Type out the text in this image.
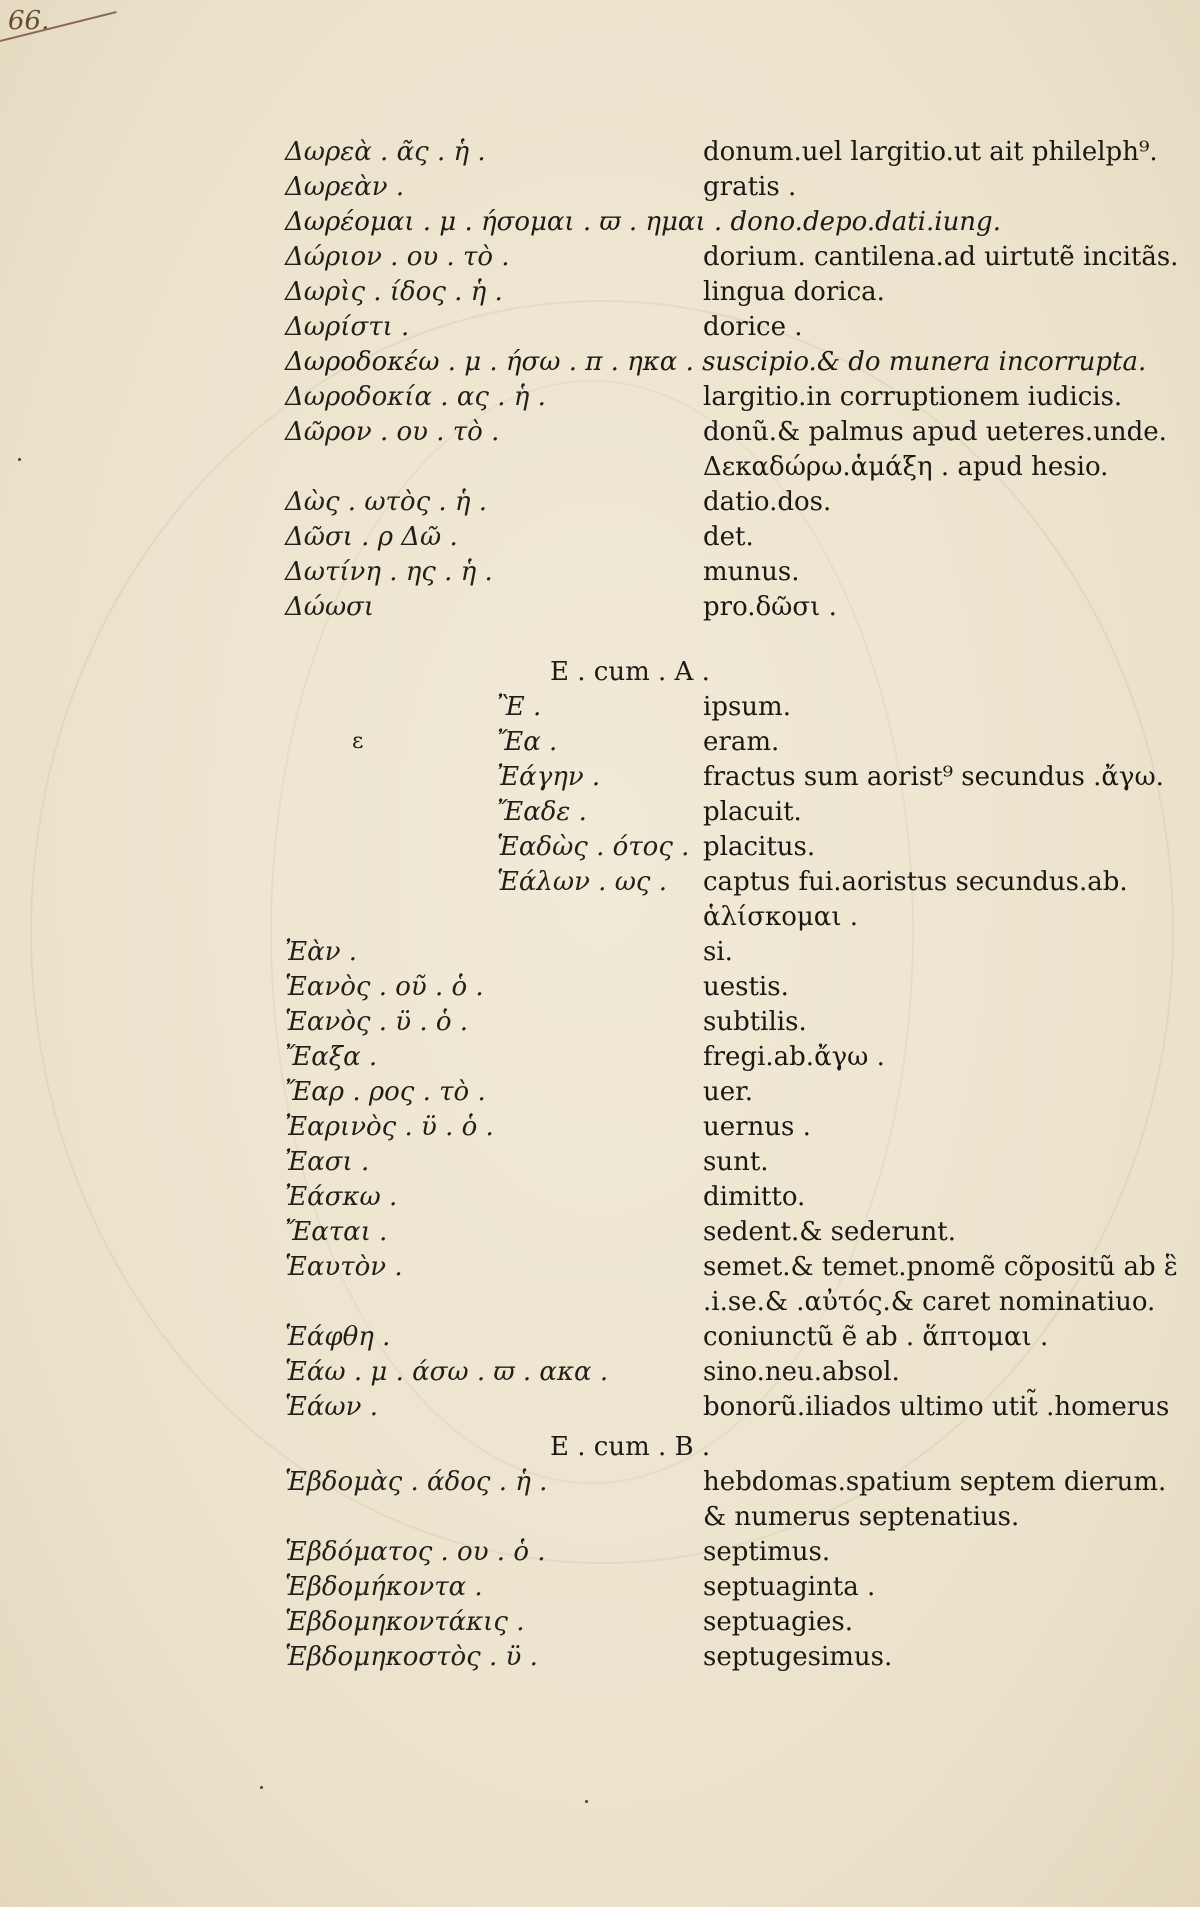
66.
Δωρεὰ . ᾶς . ἡ .	donum.uel largitio.ut ait philelph⁹.
Δωρεὰν .	gratis .
Δωρέομαι . μ . ήσομαι . ϖ . ημαι . dono.depo.dati.iung.
Δώριον . ου . τὸ .	dorium. cantilena.ad uirtutẽ incitãs.
Δωρὶς . ίδος . ἡ .	lingua dorica.
Δωρίστι .	dorice .
Δωροδοκέω . μ . ήσω . π . ηκα . suscipio.& do munera incorrupta.
Δωροδοκία . ας . ἡ .	largitio.in corruptionem iudicis.
Δῶρον . ου . τὸ .	donũ.& palmus apud ueteres.unde.
Δεκαδώρω.ἁμάξη . apud hesio.
Δὼς . ωτὸς . ἡ .	datio.dos.
Δῶσι . ρ Δῶ .	det.
Δωτίνη . ης . ἡ .	munus.
Δώωσι	pro.δῶσι .
E . cum . A .
Ἒ .	ipsum.
Ἔα .	eram.
ε
Ἐάγην .	fractus sum aorist⁹ secundus .ἄγω.
Ἔαδε .	placuit.
Ἑαδὼς . ότος . placitus.
Ἑάλων . ως . captus fui.aoristus secundus.ab.
ἁλίσκομαι .
Ἐὰν .	si.
Ἑανὸς . οῦ . ὁ .	uestis.
Ἑανὸς . ϋ . ὁ .	subtilis.
Ἔαξα .	fregi.ab.ἄγω .
Ἔαρ . ρος . τὸ .	uer.
Ἐαρινὸς . ϋ . ὁ .	uernus .
Ἐασι .	sunt.
Ἐάσκω .	dimitto.
Ἔαται .	sedent.& sederunt.
Ἑαυτὸν .	semet.& temet.pnomẽ cõpositũ ab ἓ
.i.se.& .αὐτός.& caret nominatiuo.
Ἑάφθη .	coniunctũ ẽ ab . ἅπτομαι .
Ἑάω . μ . άσω . ϖ . ακα .	sino.neu.absol.
Ἑάων .	bonorũ.iliados ultimo utit̃ .homerus
E . cum . B .
Ἑβδομὰς . άδος . ἡ .	hebdomas.spatium septem dierum.
& numerus septenatius.
Ἑβδόματος . ου . ὁ .	septimus.
Ἑβδομήκοντα .	septuaginta .
Ἑβδομηκοντάκις .	septuagies.
Ἑβδομηκοστὸς . ϋ .	septugesimus.
